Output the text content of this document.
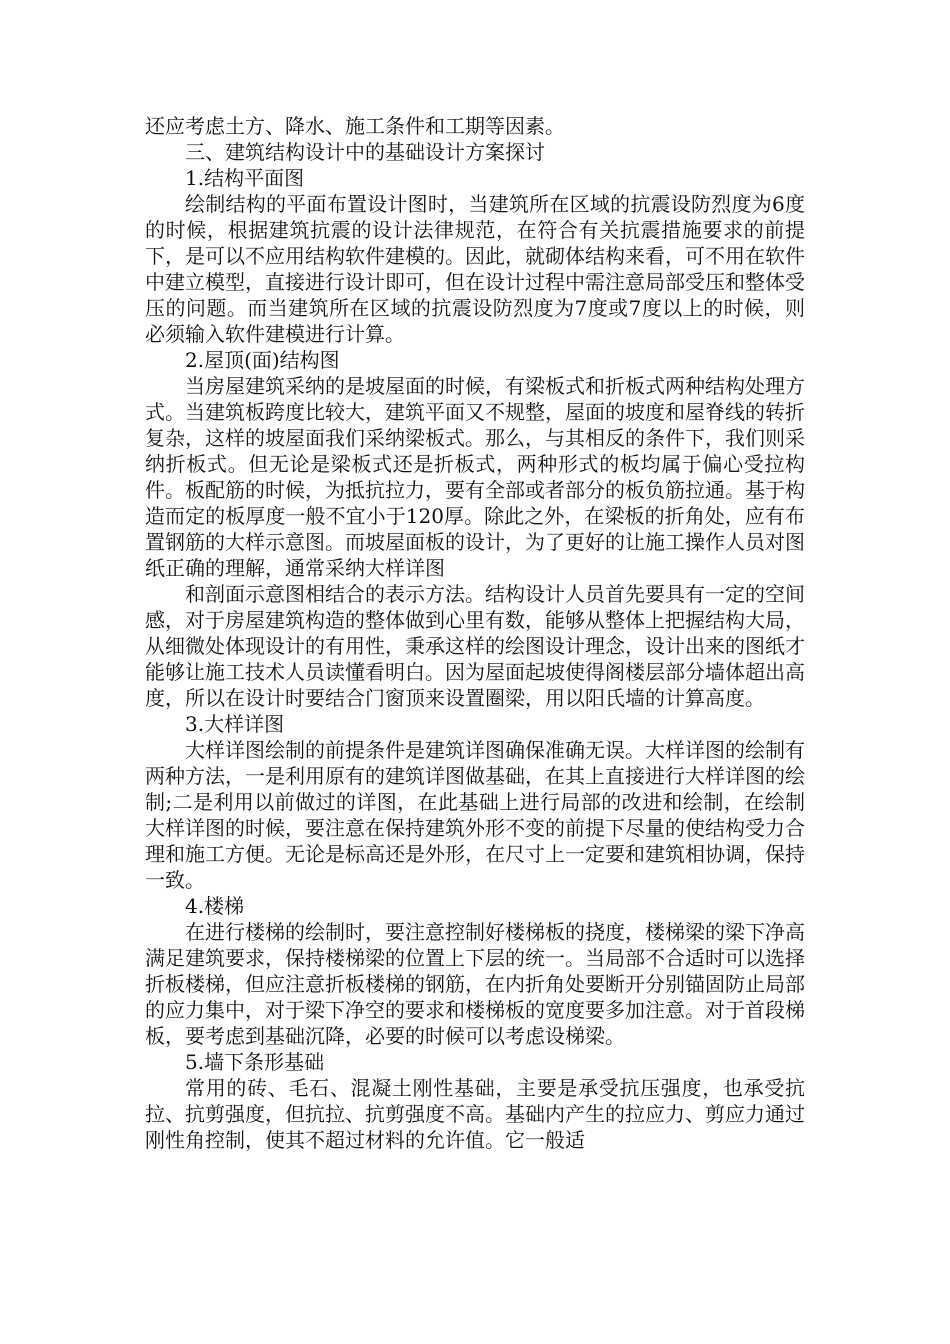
还应考虑土方、降水、施工条件和工期等因素。

三、建筑结构设计中的基础设计方案探讨

1.结构平面图

绘制结构的平面布置设计图时，当建筑所在区域的抗震设防烈度为6度的时候，根据建筑抗震的设计法律规范，在符合有关抗震措施要求的前提下，是可以不应用结构软件建模的。因此，就砌体结构来看，可不用在软件中建立模型，直接进行设计即可，但在设计过程中需注意局部受压和整体受压的问题。而当建筑所在区域的抗震设防烈度为7度或7度以上的时候，则必须输入软件建模进行计算。

2.屋顶(面)结构图

当房屋建筑采纳的是坡屋面的时候，有梁板式和折板式两种结构处理方式。当建筑板跨度比较大，建筑平面又不规整，屋面的坡度和屋脊线的转折复杂，这样的坡屋面我们采纳梁板式。那么，与其相反的条件下，我们则采纳折板式。但无论是梁板式还是折板式，两种形式的板均属于偏心受拉构件。板配筋的时候，为抵抗拉力，要有全部或者部分的板负筋拉通。基于构造而定的板厚度一般不宜小于120厚。除此之外，在梁板的折角处，应有布置钢筋的大样示意图。而坡屋面板的设计，为了更好的让施工操作人员对图纸正确的理解，通常采纳大样详图

和剖面示意图相结合的表示方法。结构设计人员首先要具有一定的空间感，对于房屋建筑构造的整体做到心里有数，能够从整体上把握结构大局，从细微处体现设计的有用性，秉承这样的绘图设计理念，设计出来的图纸才能够让施工技术人员读懂看明白。因为屋面起坡使得阁楼层部分墙体超出高度，所以在设计时要结合门窗顶来设置圈梁，用以阳氏墙的计算高度。

3.大样详图

大样详图绘制的前提条件是建筑详图确保准确无误。大样详图的绘制有两种方法，一是利用原有的建筑详图做基础，在其上直接进行大样详图的绘制;二是利用以前做过的详图，在此基础上进行局部的改进和绘制，在绘制大样详图的时候，要注意在保持建筑外形不变的前提下尽量的使结构受力合理和施工方便。无论是标高还是外形，在尺寸上一定要和建筑相协调，保持一致。

4.楼梯

在进行楼梯的绘制时，要注意控制好楼梯板的挠度，楼梯梁的梁下净高满足建筑要求，保持楼梯梁的位置上下层的统一。当局部不合适时可以选择折板楼梯，但应注意折板楼梯的钢筋，在内折角处要断开分别锚固防止局部的应力集中，对于梁下净空的要求和楼梯板的宽度要多加注意。对于首段梯板，要考虑到基础沉降，必要的时候可以考虑设梯梁。

5.墙下条形基础

常用的砖、毛石、混凝土刚性基础，主要是承受抗压强度，也承受抗拉、抗剪强度，但抗拉、抗剪强度不高。基础内产生的拉应力、剪应力通过刚性角控制，使其不超过材料的允许值。它一般适
